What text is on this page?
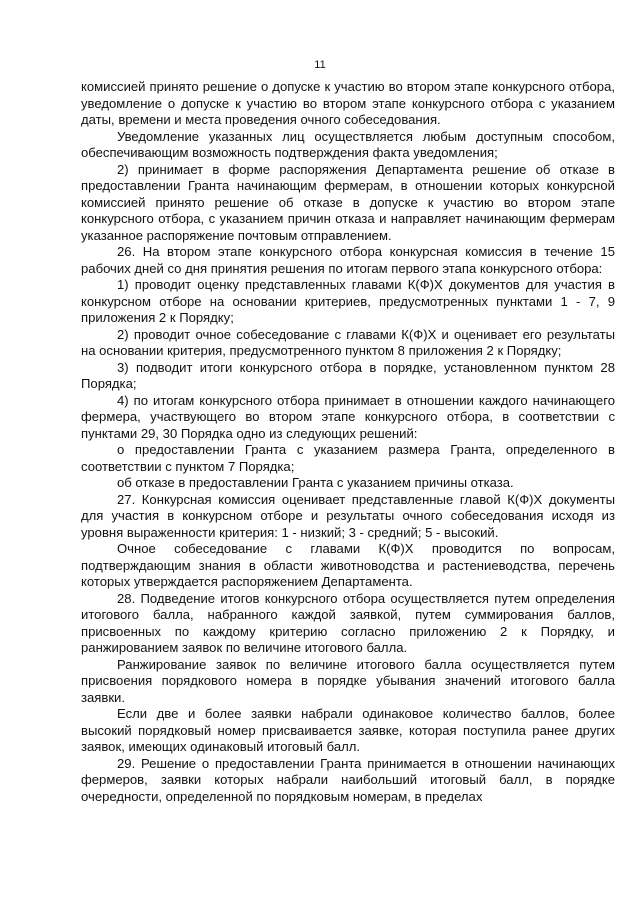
11

комиссией принято решение о допуске к участию во втором этапе конкурсного отбора, уведомление о допуске к участию во втором этапе конкурсного отбора с указанием даты, времени и места проведения очного собеседования.

Уведомление указанных лиц осуществляется любым доступным способом, обеспечивающим возможность подтверждения факта уведомления;

2) принимает в форме распоряжения Департамента решение об отказе в предоставлении Гранта начинающим фермерам, в отношении которых конкурсной комиссией принято решение об отказе в допуске к участию во втором этапе конкурсного отбора, с указанием причин отказа и направляет начинающим фермерам указанное распоряжение почтовым отправлением.

26. На втором этапе конкурсного отбора конкурсная комиссия в течение 15 рабочих дней со дня принятия решения по итогам первого этапа конкурсного отбора:

1) проводит оценку представленных главами К(Ф)Х документов для участия в конкурсном отборе на основании критериев, предусмотренных пунктами 1 - 7, 9 приложения 2 к Порядку;

2) проводит очное собеседование с главами К(Ф)Х и оценивает его результаты на основании критерия, предусмотренного пунктом 8 приложения 2 к Порядку;

3) подводит итоги конкурсного отбора в порядке, установленном пунктом 28 Порядка;

4) по итогам конкурсного отбора принимает в отношении каждого начинающего фермера, участвующего во втором этапе конкурсного отбора, в соответствии с пунктами 29, 30 Порядка одно из следующих решений:

о предоставлении Гранта с указанием размера Гранта, определенного в соответствии с пунктом 7 Порядка;

об отказе в предоставлении Гранта с указанием причины отказа.

27. Конкурсная комиссия оценивает представленные главой К(Ф)Х документы для участия в конкурсном отборе и результаты очного собеседования исходя из уровня выраженности критерия: 1 - низкий; 3 - средний; 5 - высокий.

Очное собеседование с главами К(Ф)Х проводится по вопросам, подтверждающим знания в области животноводства и растениеводства, перечень которых утверждается распоряжением Департамента.

28. Подведение итогов конкурсного отбора осуществляется путем определения итогового балла, набранного каждой заявкой, путем суммирования баллов, присвоенных по каждому критерию согласно приложению 2 к Порядку, и ранжированием заявок по величине итогового балла.

Ранжирование заявок по величине итогового балла осуществляется путем присвоения порядкового номера в порядке убывания значений итогового балла заявки.

Если две и более заявки набрали одинаковое количество баллов, более высокий порядковый номер присваивается заявке, которая поступила ранее других заявок, имеющих одинаковый итоговый балл.

29. Решение о предоставлении Гранта принимается в отношении начинающих фермеров, заявки которых набрали наибольший итоговый балл, в порядке очередности, определенной по порядковым номерам, в пределах
